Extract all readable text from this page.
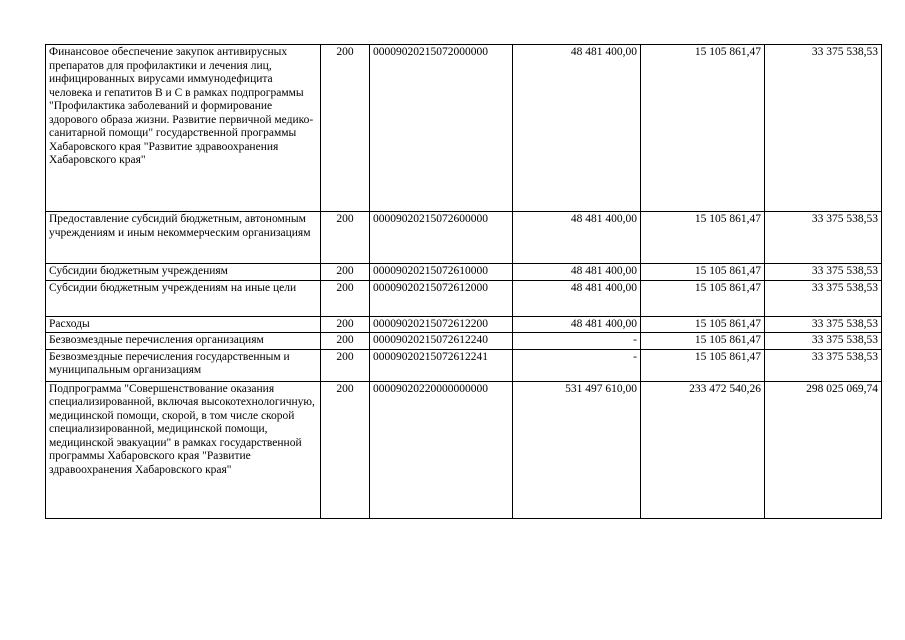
Финансовое обеспечение закупок антивирусных препаратов для профилактики и лечения лиц, инфицированных вирусами иммунодефицита человека и гепатитов В и С в рамках подпрограммы "Профилактика заболеваний и формирование здорового образа жизни. Развитие первичной медико-санитарной помощи" государственной программы Хабаровского края "Развитие здравоохранения Хабаровского края"	200	00009020215072000000	48 481 400,00	15 105 861,47	33 375 538,53
Предоставление субсидий бюджетным, автономным учреждениям и иным некоммерческим организациям	200	00009020215072600000	48 481 400,00	15 105 861,47	33 375 538,53
Субсидии бюджетным учреждениям	200	00009020215072610000	48 481 400,00	15 105 861,47	33 375 538,53
Субсидии бюджетным учреждениям на иные цели	200	00009020215072612000	48 481 400,00	15 105 861,47	33 375 538,53
Расходы	200	00009020215072612200	48 481 400,00	15 105 861,47	33 375 538,53
Безвозмездные перечисления организациям	200	00009020215072612240	-	15 105 861,47	33 375 538,53
Безвозмездные перечисления государственным и муниципальным организациям	200	00009020215072612241	-	15 105 861,47	33 375 538,53
Подпрограмма "Совершенствование оказания специализированной, включая высокотехнологичную, медицинской помощи, скорой, в том числе скорой специализированной, медицинской помощи, медицинской эвакуации" в рамках государственной программы Хабаровского края "Развитие здравоохранения Хабаровского края"	200	00009020220000000000	531 497 610,00	233 472 540,26	298 025 069,74
